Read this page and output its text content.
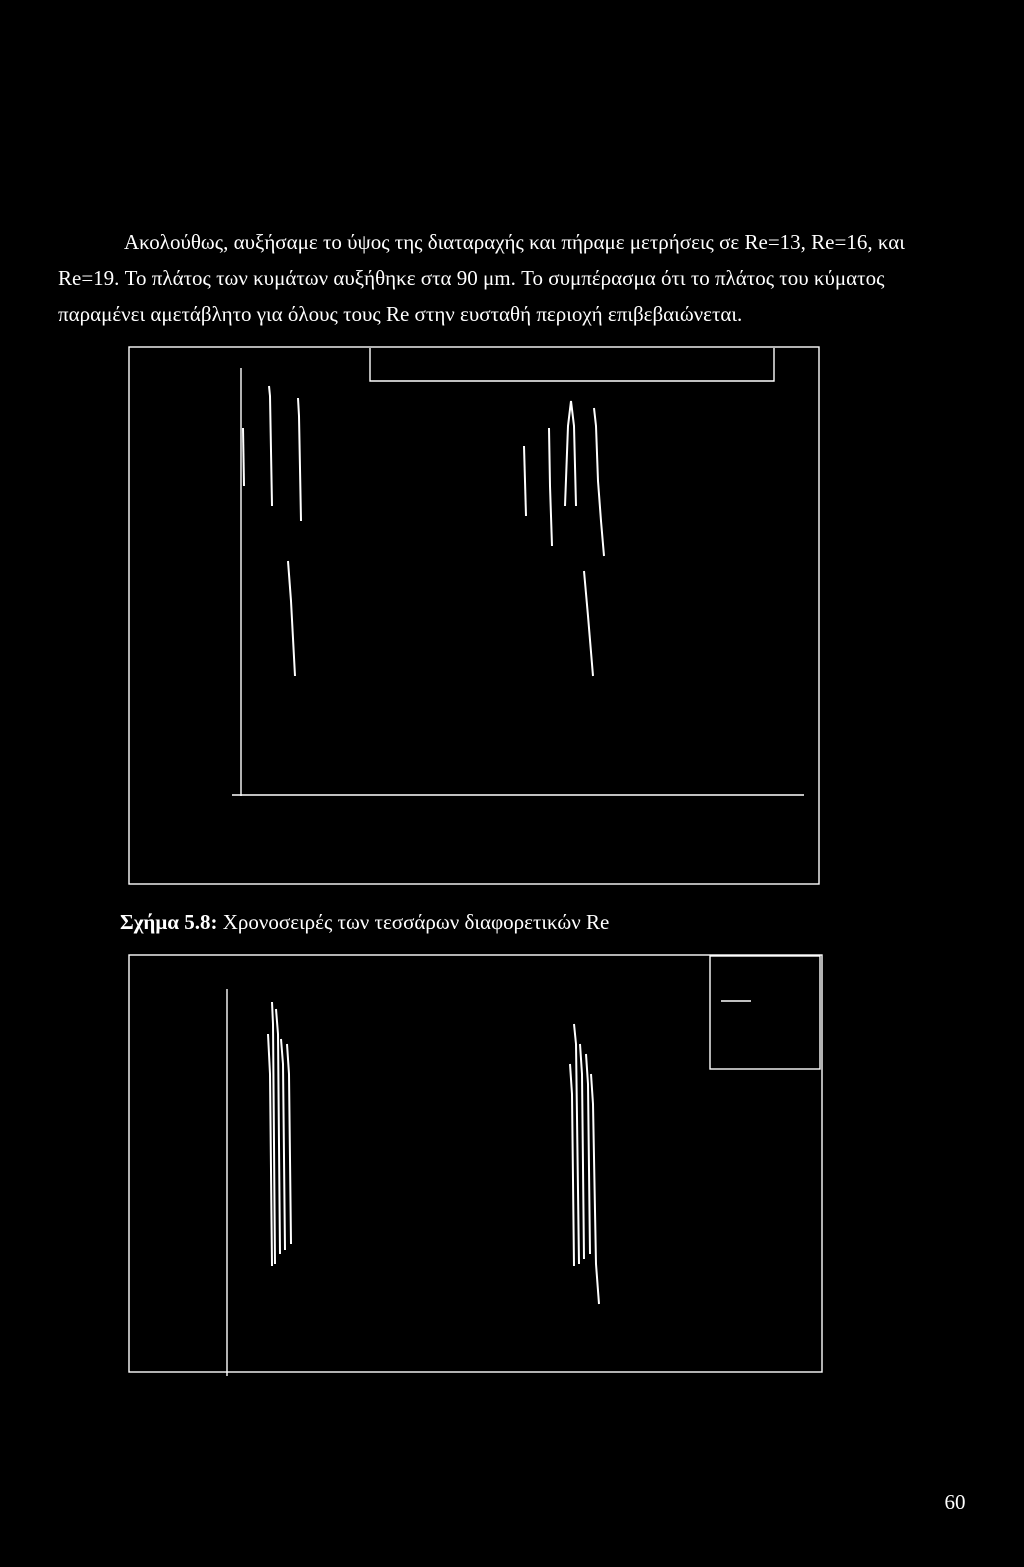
Ακολούθως, αυξήσαμε το ύψος της διαταραχής και πήραμε μετρήσεις σε Re=13, Re=16, και
Re=19. Το πλάτος των κυμάτων αυξήθηκε στα 90 μm. Το συμπέρασμα ότι το πλάτος του κύματος
παραμένει αμετάβλητο για όλους τους Re στην ευσταθή περιοχή επιβεβαιώνεται.
Σχήμα 5.8: Χρονοσειρές των τεσσάρων διαφορετικών Re
60
